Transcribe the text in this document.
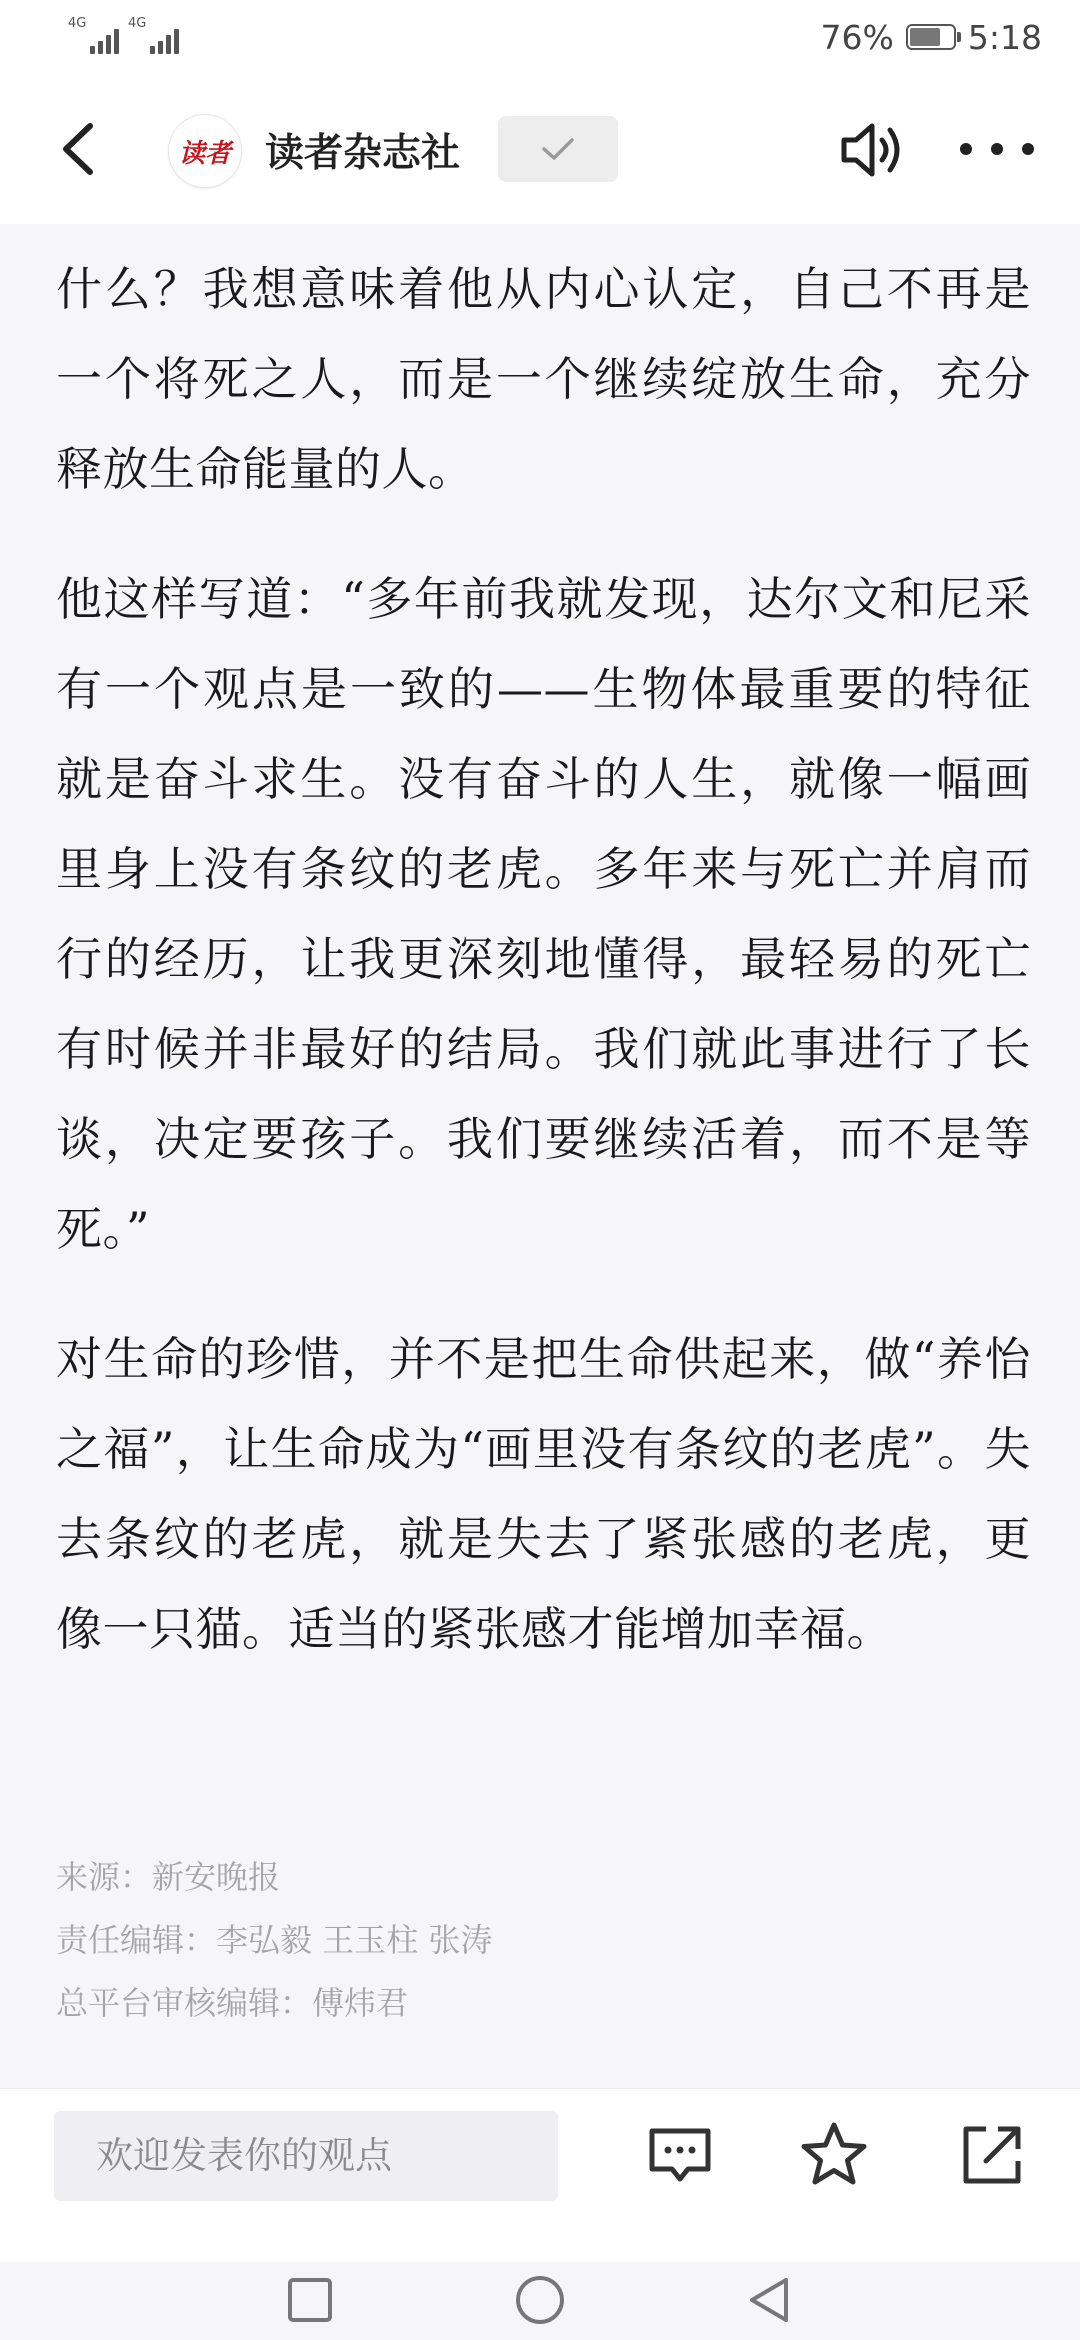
4G	4G	76% 5:18
读者 读者杂志社

什么？我想意味着他从内心认定，自己不再是一个将死之人，而是一个继续绽放生命，充分释放生命能量的人。

他这样写道：“多年前我就发现，达尔文和尼采有一个观点是一致的——生物体最重要的特征就是奋斗求生。没有奋斗的人生，就像一幅画里身上没有条纹的老虎。多年来与死亡并肩而行的经历，让我更深刻地懂得，最轻易的死亡有时候并非最好的结局。我们就此事进行了长谈，决定要孩子。我们要继续活着，而不是等死。”

对生命的珍惜，并不是把生命供起来，做“养怡之福”，让生命成为“画里没有条纹的老虎”。失去条纹的老虎，就是失去了紧张感的老虎，更像一只猫。适当的紧张感才能增加幸福。

来源：新安晚报
责任编辑：李弘毅 王玉柱 张涛
总平台审核编辑：傅炜君
欢迎发表你的观点
